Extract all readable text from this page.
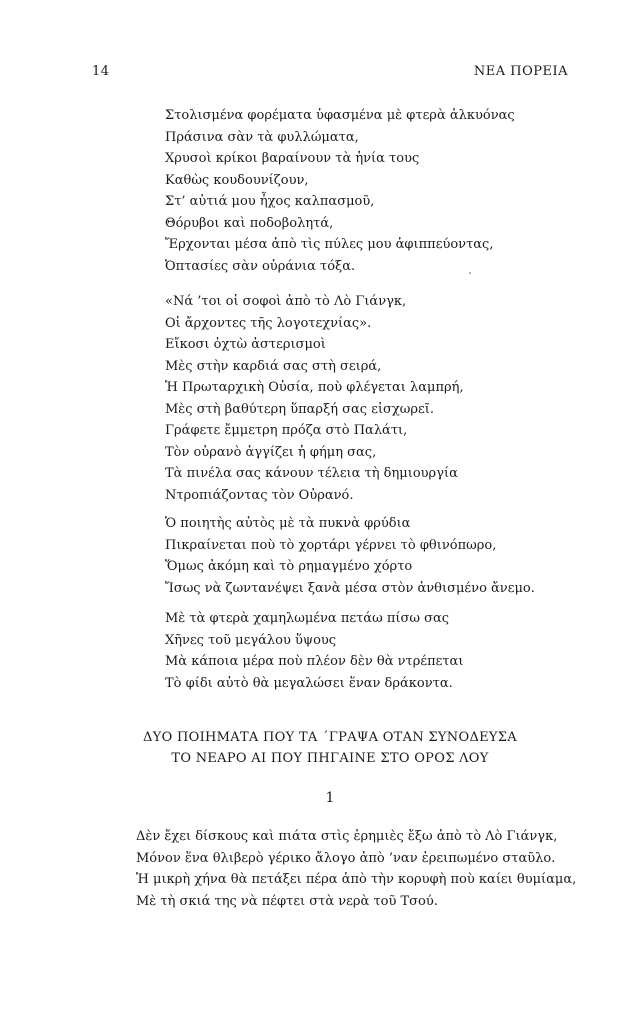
14	ΝΕΑ ΠΟΡΕΙΑ
Στολισμένα φορέματα ὑφασμένα μὲ φτερὰ ἀλκυόνας
Πράσινα σὰν τὰ φυλλώματα,
Χρυσοὶ κρίκοι βαραίνουν τὰ ἡνία τους
Καθὼς κουδουνίζουν,
Στ’ αὐτιά μου ἦχος καλπασμοῦ,
Θόρυβοι καὶ ποδοβολητά,
Ἔρχονται μέσα ἀπὸ τὶς πύλες μου ἀφιππεύοντας,
Ὀπτασίες σὰν οὐράνια τόξα.
«Νά ’τοι οἱ σοφοὶ ἀπὸ τὸ Λὸ Γιάνγκ,
Οἱ ἄρχοντες τῆς λογοτεχνίας».
Εἴκοσι ὀχτὼ ἀστερισμοὶ
Μὲς στὴν καρδιά σας στὴ σειρά,
Ἡ Πρωταρχικὴ Οὐσία, ποὺ φλέγεται λαμπρή,
Μὲς στὴ βαθύτερη ὕπαρξή σας εἰσχωρεῖ.
Γράφετε ἔμμετρη πρόζα στὸ Παλάτι,
Τὸν οὐρανὸ ἀγγίζει ἡ φήμη σας,
Τὰ πινέλα σας κάνουν τέλεια τὴ δημιουργία
Ντροπιάζοντας τὸν Οὐρανό.
Ὁ ποιητὴς αὐτὸς μὲ τὰ πυκνὰ φρύδια
Πικραίνεται ποὺ τὸ χορτάρι γέρνει τὸ φθινόπωρο,
Ὅμως ἀκόμη καὶ τὸ ρημαγμένο χόρτο
Ἴσως νὰ ζωντανέψει ξανὰ μέσα στὸν ἀνθισμένο ἄνεμο.
Μὲ τὰ φτερὰ χαμηλωμένα πετάω πίσω σας
Χῆνες τοῦ μεγάλου ὕψους
Μὰ κάποια μέρα ποὺ πλέον δὲν θὰ ντρέπεται
Τὸ φίδι αὐτὸ θὰ μεγαλώσει ἕναν δράκοντα.
ΔΥΟ ΠΟΙΗΜΑΤΑ ΠΟΥ ΤΑ ΄ΓΡΑΨΑ ΟΤΑΝ ΣΥΝΟΔΕΥΣΑ
ΤΟ ΝΕΑΡΟ ΑΙ ΠΟΥ ΠΗΓΑΙΝΕ ΣΤΟ ΟΡΟΣ ΛΟΥ
1
Δὲν ἔχει δίσκους καὶ πιάτα στὶς ἐρημιὲς ἔξω ἀπὸ τὸ Λὸ Γιάνγκ,
Μόνον ἕνα θλιβερὸ γέρικο ἄλογο ἀπὸ ’ναν ἐρειπωμένο σταῦλο.
Ἡ μικρὴ χήνα θὰ πετάξει πέρα ἀπὸ τὴν κορυφὴ ποὺ καίει θυμίαμα,
Μὲ τὴ σκιά της νὰ πέφτει στὰ νερὰ τοῦ Τσού.
